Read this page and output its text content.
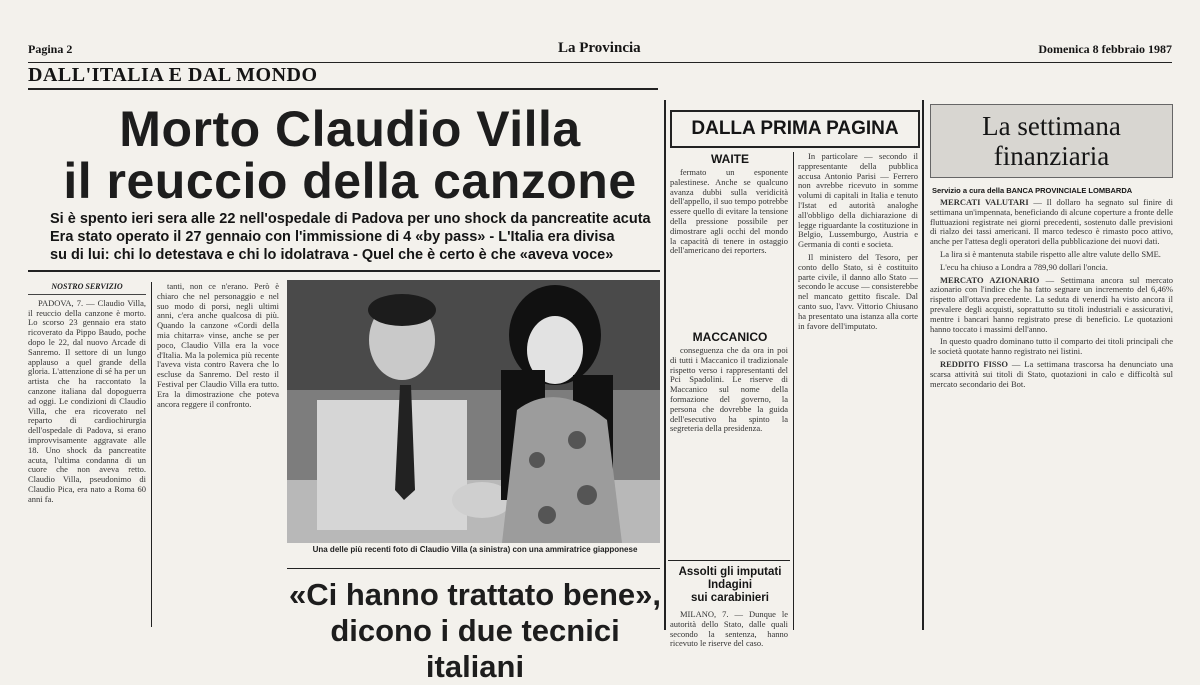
Pagina 2	La Provincia	Domenica 8 febbraio 1987
DALL'ITALIA E DAL MONDO
Morto Claudio Villa
il reuccio della canzone
Si è spento ieri sera alle 22 nell'ospedale di Padova per uno shock da pancreatite acuta
Era stato operato il 27 gennaio con l'immissione di 4 «by pass» - L'Italia era divisa
su di lui: chi lo detestava e chi lo idolatrava - Quel che è certo è che «aveva voce»
NOSTRO SERVIZIO

PADOVA, 7. — Claudio Villa, il reuccio della canzone è morto. Lo scorso 23 gennaio era stato ricoverato da Pippo Baudo, poche dopo le 22, dal nuovo Arcade di Sanremo. Il settore di un lungo applauso a quel grande della gloria. L'attenzione di sé ha per un artista che ha raccontato la canzone italiana dal dopoguerra ad oggi. Le condizioni di Claudio Villa, che era ricoverato nel reparto di cardiochirurgia dell'ospedale di Padova, si erano improvvisamente aggravate alle 18. Uno shock da pancreatite acuta, l'ultima condanna di un cuore che non aveva retto. Claudio Villa, pseudonimo di Claudio Pica, era nato a Roma 60 anni fa.

tanti, non ce n'erano. Però è chiaro che nel personaggio e nel suo modo di porsi, negli ultimi anni, c'era anche qualcosa di più. Quando la canzone «Cordi della mia chitarra» vinse, anche se per poco, Claudio Villa era la voce d'Italia. Ma la polemica più recente l'aveva vista contro Ravera che lo escluse da Sanremo. Del resto il Festival per Claudio Villa era tutto. Era la dimostrazione che poteva ancora reggere il confronto.

Una delle più recenti foto di Claudio Villa (a sinistra) con una ammiratrice giapponese
«Ci hanno trattato bene»,
dicono i due tecnici italiani
DALLA PRIMA PAGINA
WAITE

fermato un esponente palestinese. Anche se qualcuno avanza dubbi sulla veridicità dell'appello, il suo tempo potrebbe essere quello di evitare la tensione della pressione possibile per dimostrare agli occhi del mondo la capacità di tenere in ostaggio dell'americano dei reporters.

In particolare — secondo il rappresentante della pubblica accusa Antonio Parisi — Ferrero non avrebbe ricevuto in somme volumi di capitali in Italia e tenuto l'Istat ed autorità analoghe all'obbligo della dichiarazione di legge riguardante la costituzione in Belgio, Lussemburgo, Austria e Germania di conti e societa.

Il ministero del Tesoro, per conto dello Stato, si è costituito parte civile, il danno allo Stato — secondo le accuse — consisterebbe nel mancato gettito fiscale. Dal canto suo, l'avv. Vittorio Chiusano ha presentato una istanza alla corte in favore dell'imputato.

MACCANICO

conseguenza che da ora in poi di tutti i Maccanico il tradizionale rispetto verso i rappresentanti del Pci Spadolini. Le riserve di Maccanico sul nome della formazione del governo, la persona che dovrebbe la guida dell'esecutivo ha spinto la segreteria della presidenza.

Assolti gli imputati
Indagini
sui carabinieri

MILANO, 7. — Dunque le autorità dello Stato, dalle quali secondo la sentenza, hanno ricevuto le riserve del caso.

La settimana
finanziaria
Servizio a cura della BANCA PROVINCIALE LOMBARDA

MERCATI VALUTARI — Il dollaro ha segnato sul finire di settimana un'impennata, beneficiando di alcune coperture a fronte delle fluttuazioni registrate nei giorni precedenti, sostenuto dalle previsioni di rialzo dei tassi americani. Il marco tedesco è rimasto poco attivo, anche per l'attesa degli operatori della pubblicazione dei nuovi dati.

La lira si è mantenuta stabile rispetto alle altre valute dello SME.

L'ecu ha chiuso a Londra a 789,90 dollari l'oncia.

MERCATO AZIONARIO — Settimana ancora sul mercato azionario con l'indice che ha fatto segnare un incremento del 6,46% rispetto all'ottava precedente. La seduta di venerdì ha visto ancora il prevalere degli acquisti, soprattutto su titoli industriali e assicurativi, mentre i bancari hanno registrato prese di beneficio. Le quotazioni hanno toccato i massimi dell'anno.

In questo quadro dominano tutto il comparto dei titoli principali che le società quotate hanno registrato nei listini.

REDDITO FISSO — La settimana trascorsa ha denunciato una scarsa attività sui titoli di Stato, quotazioni in calo e difficoltà sul mercato secondario dei Bot.
